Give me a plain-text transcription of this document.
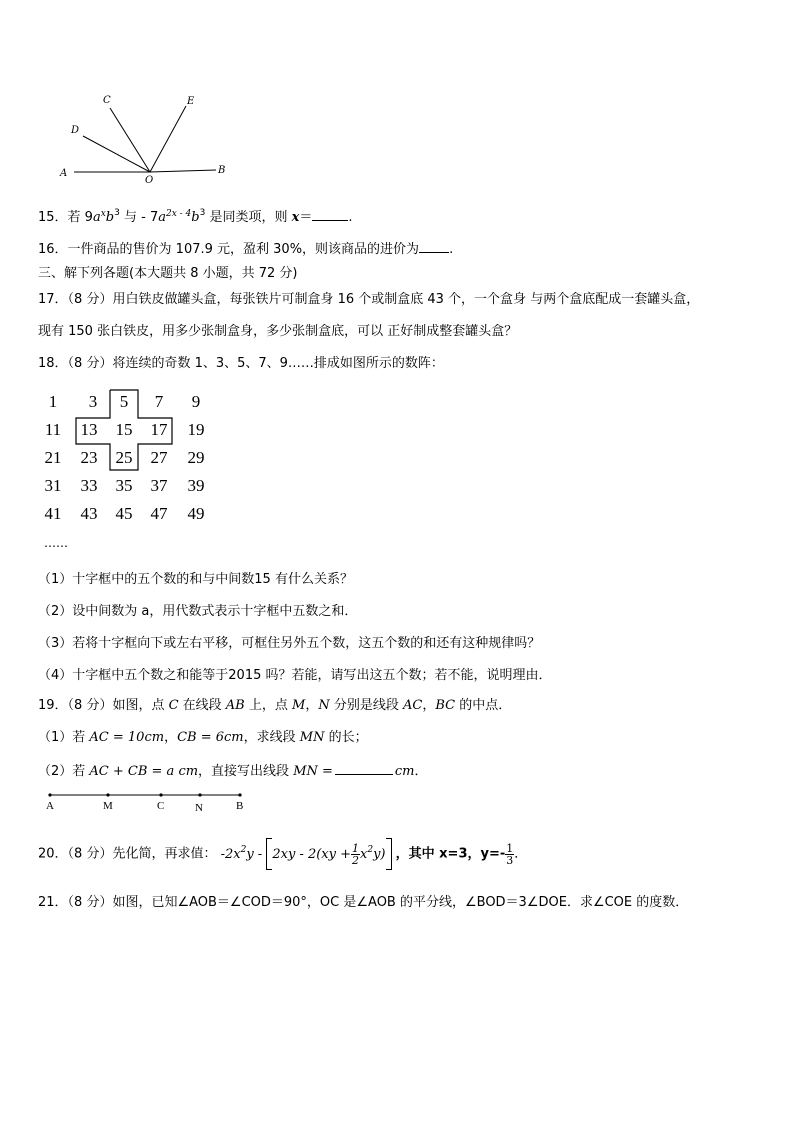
C	E
D
A
O
B
15．若 $9a^xb^3$ 与 - $7a^{2x - 4}b^3$ 是同类项，则 x＝	.
16．一件商品的售价为 107.9 元，盈利 30%，则该商品的进价为 .
三、解下列各题(本大题共 8 小题，共 72 分)
17．（8 分）用白铁皮做罐头盒，每张铁片可制盒身 16 个或制盒底 43 个，一个盒身 与两个盒底配成一套罐头盒，
现有 150 张白铁皮，用多少张制盒身，多少张制盒底，可以 正好制成整套罐头盒？
18．（8 分）将连续的奇数 1、3、5、7、9……排成如图所示的数阵：
1	3	5	7	9
11	13	15	17	19
21	23	25	27	29
31	33	35	37	39
41	43	45	47	49
……
（1）十字框中的五个数的和与中间数15 有什么关系？
（2）设中间数为 a，用代数式表示十字框中五数之和．
（3）若将十字框向下或左右平移，可框住另外五个数，这五个数的和还有这种规律吗？
（4）十字框中五个数之和能等于2015 吗？若能，请写出这五个数；若不能，说明理由．
19．（8 分）如图，点 C 在线段 AB 上，点 M，N 分别是线段 AC，BC 的中点．
（1）若 AC = 10cm，CB = 6cm，求线段 MN 的长；
（2）若 AC + CB = a cm，直接写出线段 MN =	cm．
A	M	C	N	B
20．（8 分）先化简，再求值： $-2x^2y - 2xy - 2(xy + \frac{1}{2} x^2y)$ ，其中 x=3，$y=- \frac{1}{3}$ ．
21．（8 分）如图，已知∠AOB＝∠COD＝90°，OC 是∠AOB 的平分线，∠BOD＝3∠DOE．求∠COE 的度数．
